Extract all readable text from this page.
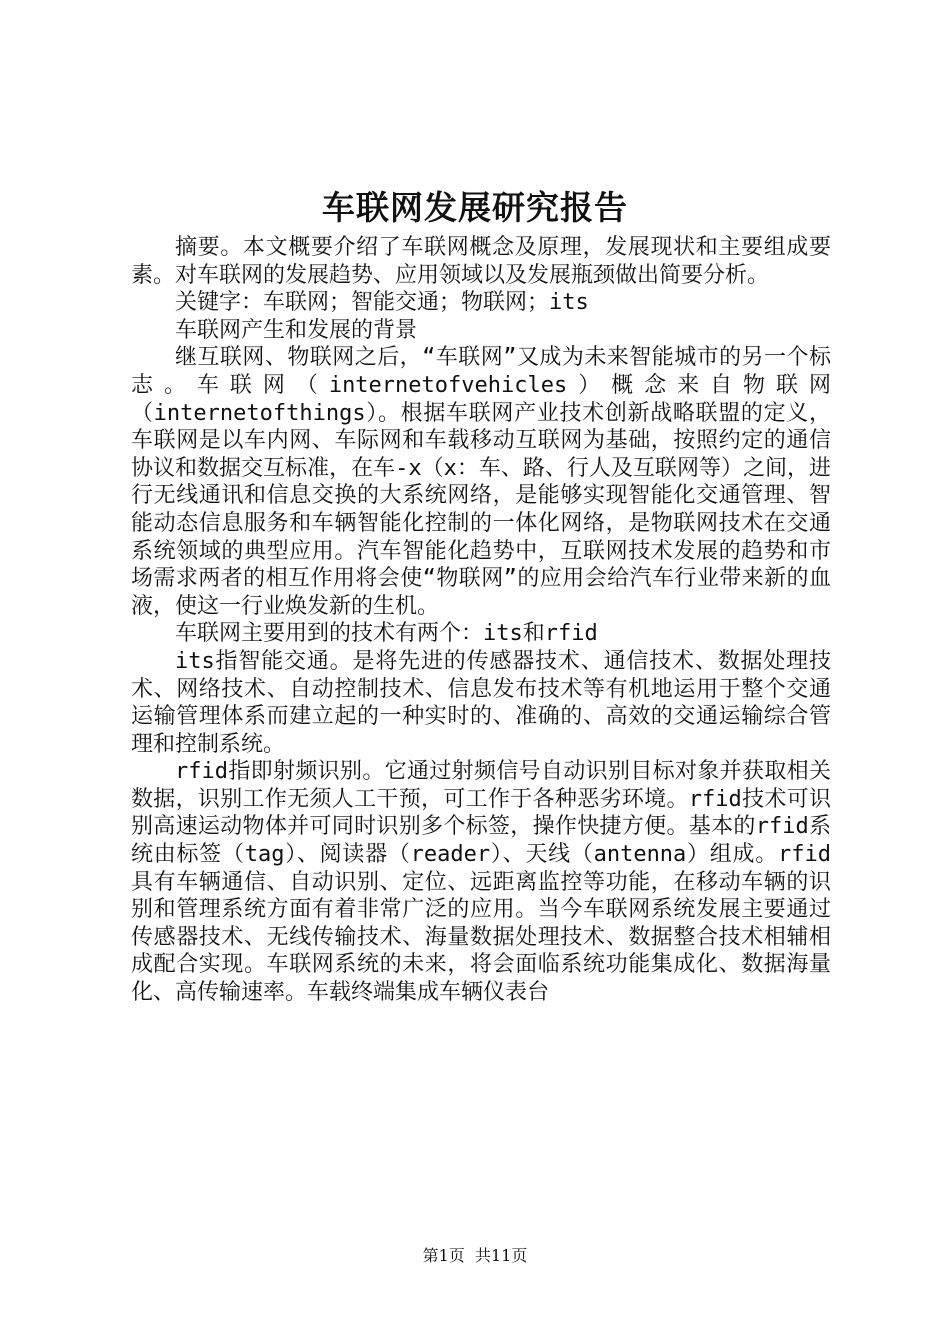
车联网发展研究报告

摘要。本文概要介绍了车联网概念及原理，发展现状和主要组成要素。对车联网的发展趋势、应用领域以及发展瓶颈做出简要分析。

关键字：车联网；智能交通；物联网；its

车联网产生和发展的背景

继互联网、物联网之后，“车联网”又成为未来智能城市的另一个标志。车联网（internetofvehicles）概念来自物联网（internetofthings）。根据车联网产业技术创新战略联盟的定义，车联网是以车内网、车际网和车载移动互联网为基础，按照约定的通信协议和数据交互标准，在车-x（x：车、路、行人及互联网等）之间，进行无线通讯和信息交换的大系统网络，是能够实现智能化交通管理、智能动态信息服务和车辆智能化控制的一体化网络，是物联网技术在交通系统领域的典型应用。汽车智能化趋势中，互联网技术发展的趋势和市场需求两者的相互作用将会使“物联网”的应用会给汽车行业带来新的血液，使这一行业焕发新的生机。

车联网主要用到的技术有两个：its和rfid

its指智能交通。是将先进的传感器技术、通信技术、数据处理技术、网络技术、自动控制技术、信息发布技术等有机地运用于整个交通运输管理体系而建立起的一种实时的、准确的、高效的交通运输综合管理和控制系统。

rfid指即射频识别。它通过射频信号自动识别目标对象并获取相关数据，识别工作无须人工干预，可工作于各种恶劣环境。rfid技术可识别高速运动物体并可同时识别多个标签，操作快捷方便。基本的rfid系统由标签（tag）、阅读器（reader）、天线（antenna）组成。rfid具有车辆通信、自动识别、定位、远距离监控等功能，在移动车辆的识别和管理系统方面有着非常广泛的应用。当今车联网系统发展主要通过传感器技术、无线传输技术、海量数据处理技术、数据整合技术相辅相成配合实现。车联网系统的未来，将会面临系统功能集成化、数据海量化、高传输速率。车载终端集成车辆仪表台

第1页 共11页
